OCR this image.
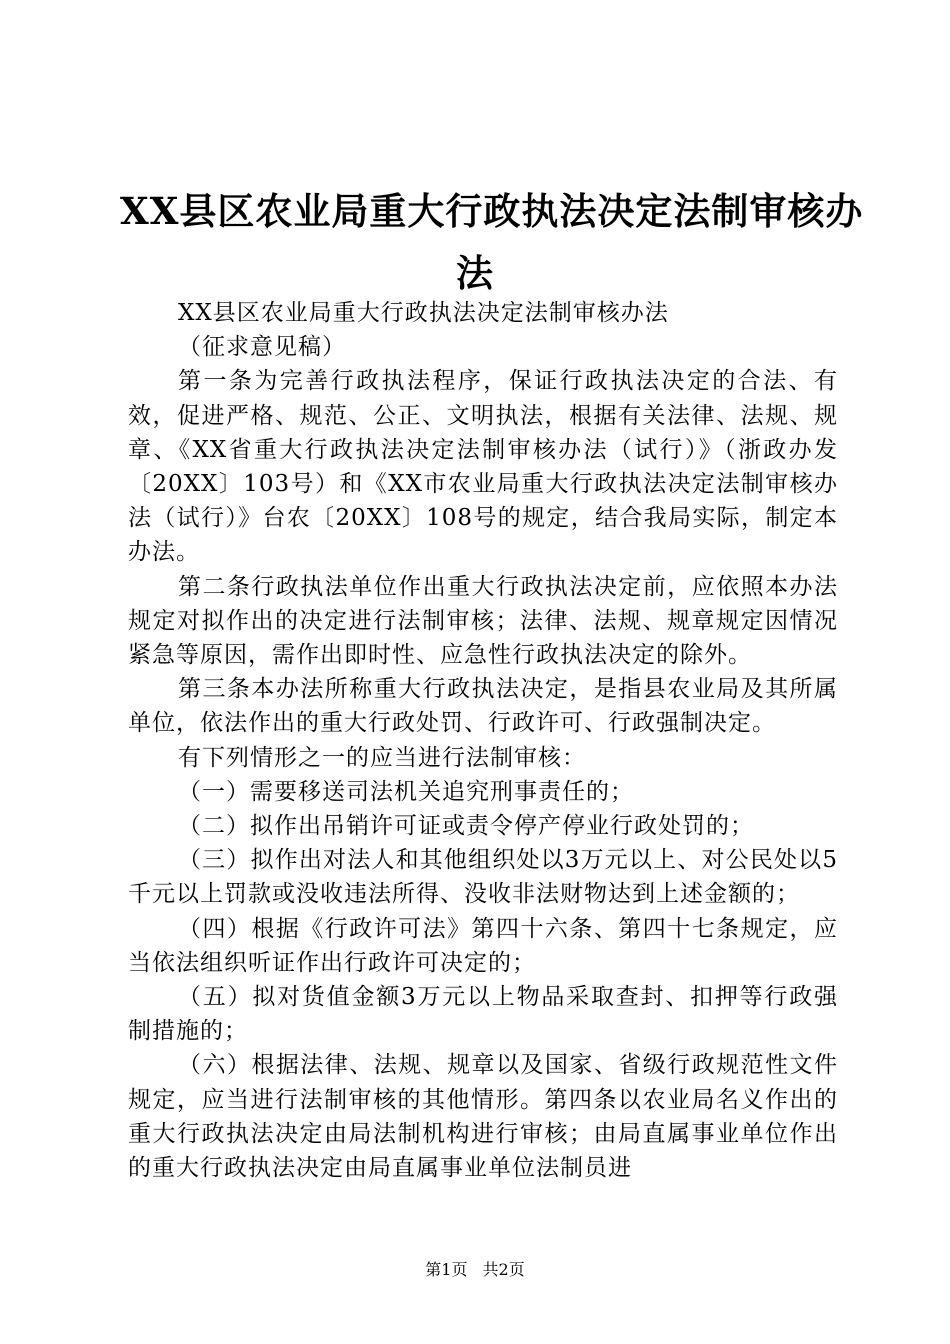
XX县区农业局重大行政执法决定法制审核办
法

XX县区农业局重大行政执法决定法制审核办法

（征求意见稿）

第一条为完善行政执法程序，保证行政执法决定的合法、有效，促进严格、规范、公正、文明执法，根据有关法律、法规、规章、《XX省重大行政执法决定法制审核办法（试行）》（浙政办发〔20XX〕103号）和《XX市农业局重大行政执法决定法制审核办法（试行）》台农〔20XX〕108号的规定，结合我局实际，制定本办法。

第二条行政执法单位作出重大行政执法决定前，应依照本办法规定对拟作出的决定进行法制审核；法律、法规、规章规定因情况紧急等原因，需作出即时性、应急性行政执法决定的除外。

第三条本办法所称重大行政执法决定，是指县农业局及其所属单位，依法作出的重大行政处罚、行政许可、行政强制决定。

有下列情形之一的应当进行法制审核：

（一）需要移送司法机关追究刑事责任的；

（二）拟作出吊销许可证或责令停产停业行政处罚的；

（三）拟作出对法人和其他组织处以3万元以上、对公民处以5千元以上罚款或没收违法所得、没收非法财物达到上述金额的；

（四）根据《行政许可法》第四十六条、第四十七条规定，应当依法组织听证作出行政许可决定的；

（五）拟对货值金额3万元以上物品采取查封、扣押等行政强制措施的；

（六）根据法律、法规、规章以及国家、省级行政规范性文件规定，应当进行法制审核的其他情形。第四条以农业局名义作出的重大行政执法决定由局法制机构进行审核；由局直属事业单位作出的重大行政执法决定由局直属事业单位法制员进

第1页 共2页
